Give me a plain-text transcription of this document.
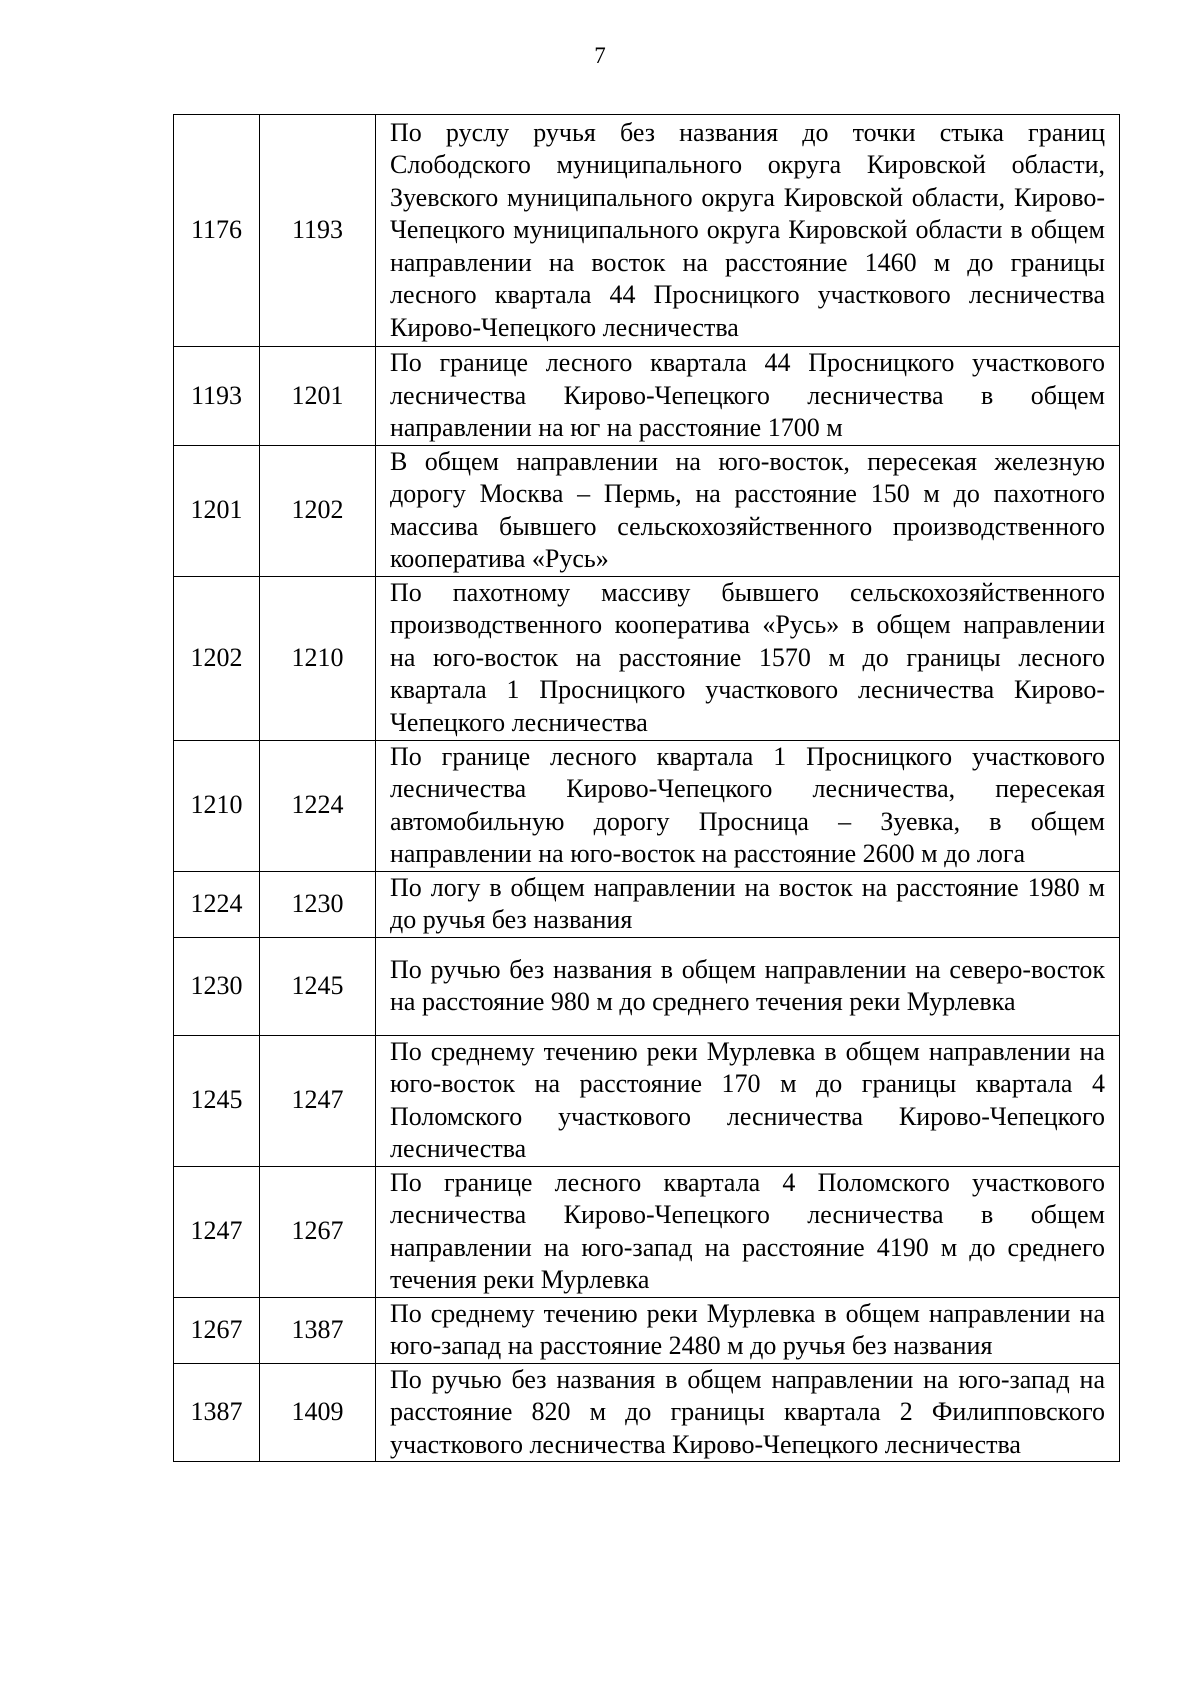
7
1176	1193	По руслу ручья без названия до точки стыка границ Слободского муниципального округа Кировской области, Зуевского муниципального округа Кировской области, Кирово-Чепецкого муниципального округа Кировской области в общем направлении на восток на расстояние 1460 м до границы лесного квартала 44 Просницкого участкового лесничества Кирово-Чепецкого лесничества

1193	1201	По границе лесного квартала 44 Просницкого участкового лесничества Кирово-Чепецкого лесничества в общем направлении на юг на расстояние 1700 м

1201	1202	В общем направлении на юго-восток, пересекая железную дорогу Москва – Пермь, на расстояние 150 м до пахотного массива бывшего сельскохозяйственного производственного кооператива «Русь»

1202	1210	По пахотному массиву бывшего сельскохозяйственного производственного кооператива «Русь» в общем направлении на юго-восток на расстояние 1570 м до границы лесного квартала 1 Просницкого участкового лесничества Кирово-Чепецкого лесничества

1210	1224	По границе лесного квартала 1 Просницкого участкового лесничества Кирово-Чепецкого лесничества, пересекая автомобильную дорогу Просница – Зуевка, в общем направлении на юго-восток на расстояние 2600 м до лога

1224	1230	По логу в общем направлении на восток на расстояние 1980 м до ручья без названия

1230	1245	По ручью без названия в общем направлении на северо-восток на расстояние 980 м до среднего течения реки Мурлевка

1245	1247	По среднему течению реки Мурлевка в общем направлении на юго-восток на расстояние 170 м до границы квартала 4 Поломского участкового лесничества Кирово-Чепецкого лесничества

1247	1267	По границе лесного квартала 4 Поломского участкового лесничества Кирово-Чепецкого лесничества в общем направлении на юго-запад на расстояние 4190 м до среднего течения реки Мурлевка

1267	1387	По среднему течению реки Мурлевка в общем направлении на юго-запад на расстояние 2480 м до ручья без названия

1387	1409	По ручью без названия в общем направлении на юго-запад на расстояние 820 м до границы квартала 2 Филипповского участкового лесничества Кирово-Чепецкого лесничества
